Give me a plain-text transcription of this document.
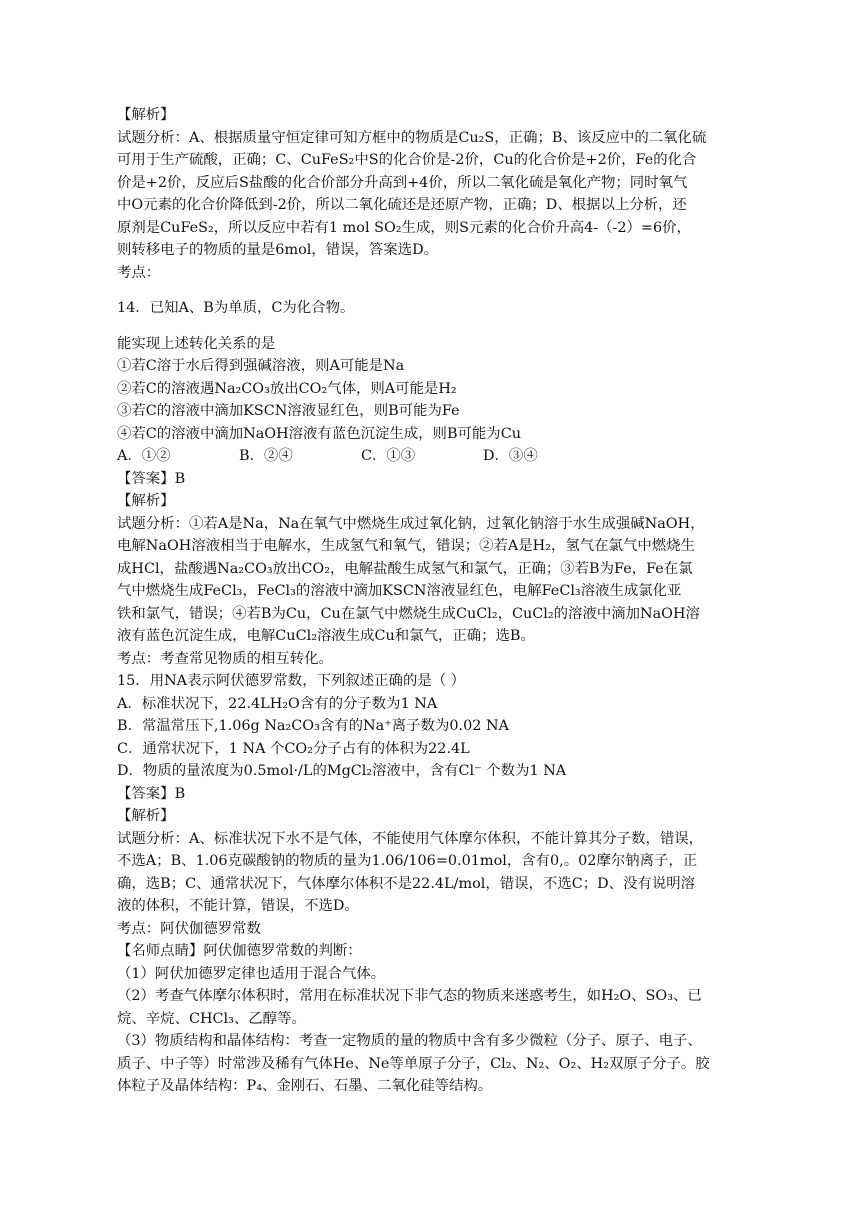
【解析】
试题分析：A、根据质量守恒定律可知方框中的物质是Cu₂S，正确；B、该反应中的二氧化硫
可用于生产硫酸，正确；C、CuFeS₂中S的化合价是-2价，Cu的化合价是+2价，Fe的化合
价是+2价，反应后S盐酸的化合价部分升高到+4价，所以二氧化硫是氧化产物；同时氧气
中O元素的化合价降低到-2价，所以二氧化硫还是还原产物，正确；D、根据以上分析，还
原剂是CuFeS₂，所以反应中若有1 mol SO₂生成，则S元素的化合价升高4-（-2）=6价，
则转移电子的物质的量是6mol，错误，答案选D。
考点：
14．已知A、B为单质，C为化合物。
能实现上述转化关系的是
①若C溶于水后得到强碱溶液，则A可能是Na
②若C的溶液遇Na₂CO₃放出CO₂气体，则A可能是H₂
③若C的溶液中滴加KSCN溶液显红色，则B可能为Fe
④若C的溶液中滴加NaOH溶液有蓝色沉淀生成，则B可能为Cu
A．①②	B．②④	C．①③	D．③④
【答案】B
【解析】
试题分析：①若A是Na，Na在氧气中燃烧生成过氧化钠，过氧化钠溶于水生成强碱NaOH，
电解NaOH溶液相当于电解水，生成氢气和氧气，错误；②若A是H₂，氢气在氯气中燃烧生
成HCl，盐酸遇Na₂CO₃放出CO₂，电解盐酸生成氢气和氯气，正确；③若B为Fe，Fe在氯
气中燃烧生成FeCl₃，FeCl₃的溶液中滴加KSCN溶液显红色，电解FeCl₃溶液生成氯化亚
铁和氯气，错误；④若B为Cu，Cu在氯气中燃烧生成CuCl₂，CuCl₂的溶液中滴加NaOH溶
液有蓝色沉淀生成，电解CuCl₂溶液生成Cu和氯气，正确；选B。
考点：考查常见物质的相互转化。
15．用NA表示阿伏德罗常数，下列叙述正确的是（ ）
A．标准状况下，22.4LH₂O含有的分子数为1 NA
B．常温常压下,1.06g Na₂CO₃含有的Na⁺离子数为0.02 NA
C．通常状况下，1 NA 个CO₂分子占有的体积为22.4L
D．物质的量浓度为0.5mol·/L的MgCl₂溶液中，含有Cl⁻ 个数为1 NA
【答案】B
【解析】
试题分析：A、标准状况下水不是气体，不能使用气体摩尔体积，不能计算其分子数，错误，
不选A；B、1.06克碳酸钠的物质的量为1.06/106=0.01mol，含有0,。02摩尔钠离子，正
确，选B；C、通常状况下，气体摩尔体积不是22.4L/mol，错误，不选C；D、没有说明溶
液的体积，不能计算，错误，不选D。
考点：阿伏伽德罗常数
【名师点睛】阿伏伽德罗常数的判断：
（1）阿伏加德罗定律也适用于混合气体。
（2）考查气体摩尔体积时，常用在标准状况下非气态的物质来迷惑考生，如H₂O、SO₃、已
烷、辛烷、CHCl₃、乙醇等。
（3）物质结构和晶体结构：考查一定物质的量的物质中含有多少微粒（分子、原子、电子、
质子、中子等）时常涉及稀有气体He、Ne等单原子分子，Cl₂、N₂、O₂、H₂双原子分子。胶
体粒子及晶体结构：P₄、金刚石、石墨、二氧化硅等结构。
